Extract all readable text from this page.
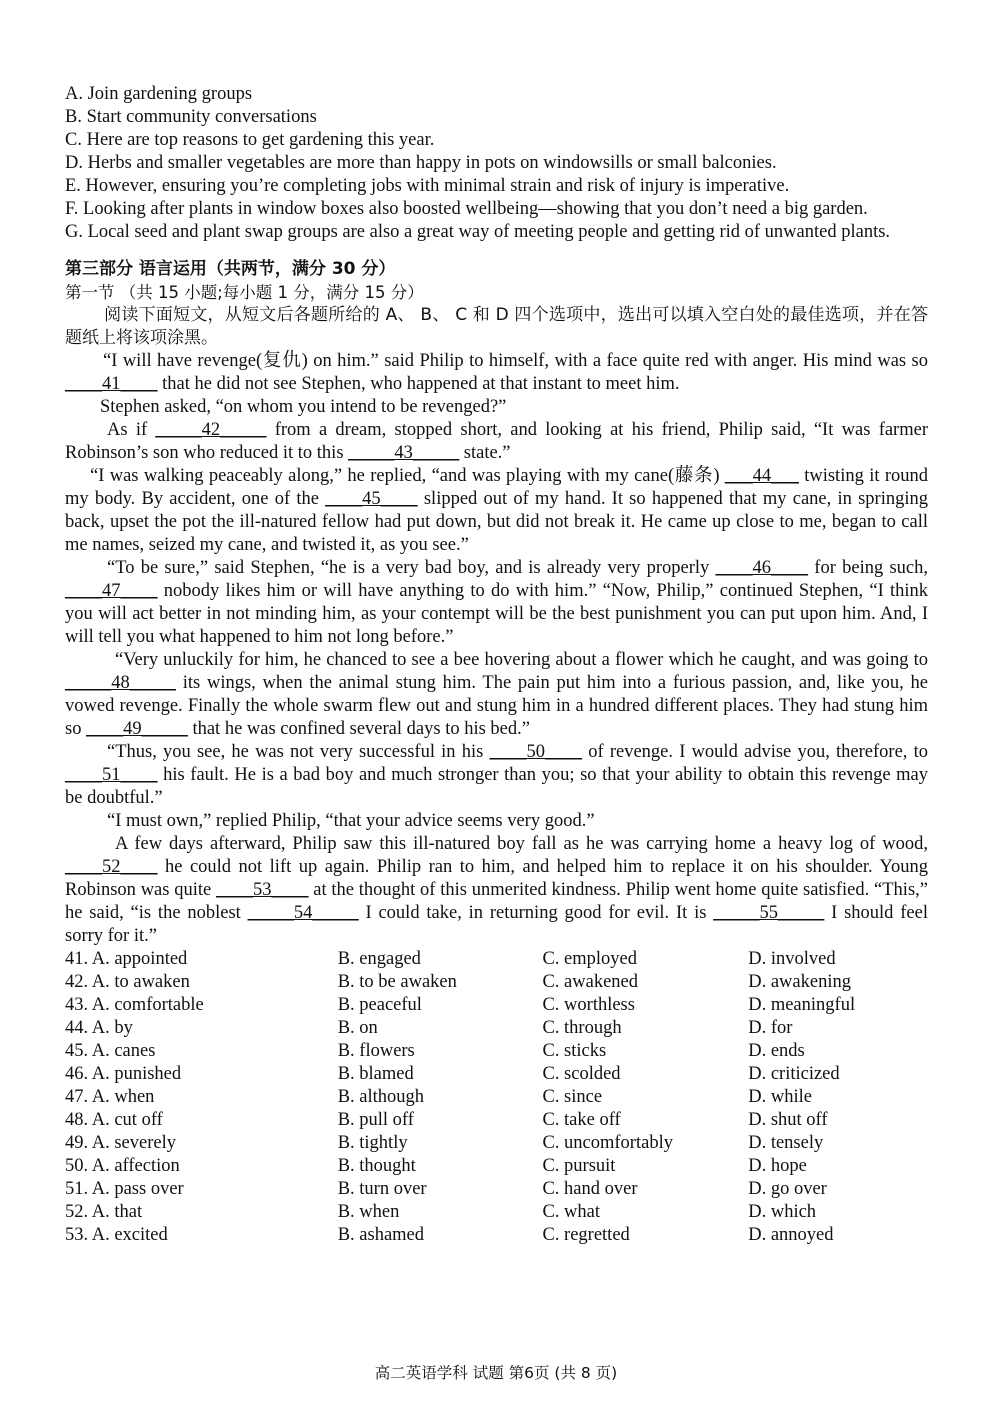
A. Join gardening groups
B. Start community conversations
C. Here are top reasons to get gardening this year.
D. Herbs and smaller vegetables are more than happy in pots on windowsills or small balconies.
E. However, ensuring you’re completing jobs with minimal strain and risk of injury is imperative.
F. Looking after plants in window boxes also boosted wellbeing—showing that you don’t need a big garden.
G. Local seed and plant swap groups are also a great way of meeting people and getting rid of unwanted plants.
第三部分 语言运用（共两节，满分 30 分）
第一节 （共 15 小题;每小题 1 分，满分 15 分）
阅读下面短文，从短文后各题所给的 A、 B、 C 和 D 四个选项中，选出可以填入空白处的最佳选项，并在答题纸上将该项涂黑。

“I will have revenge(复仇) on him.” said Philip to himself, with a face quite red with anger. His mind was so ____41____ that he did not see Stephen, who happened at that instant to meet him.

Stephen asked, “on whom you intend to be revenged?”

As if _____42_____ from a dream, stopped short, and looking at his friend, Philip said, “It was farmer Robinson’s son who reduced it to this _____43_____ state.”

“I was walking peaceably along,” he replied, “and was playing with my cane(藤条) ___44___ twisting it round my body. By accident, one of the ____45____ slipped out of my hand. It so happened that my cane, in springing back, upset the pot the ill-natured fellow had put down, but did not break it. He came up close to me, began to call me names, seized my cane, and twisted it, as you see.”

“To be sure,” said Stephen, “he is a very bad boy, and is already very properly ____46____ for being such, ____47____ nobody likes him or will have anything to do with him.” “Now, Philip,” continued Stephen, “I think you will act better in not minding him, as your contempt will be the best punishment you can put upon him. And, I will tell you what happened to him not long before.”

“Very unluckily for him, he chanced to see a bee hovering about a flower which he caught, and was going to _____48_____ its wings, when the animal stung him. The pain put him into a furious passion, and, like you, he vowed revenge. Finally the whole swarm flew out and stung him in a hundred different places. They had stung him so ____49_____ that he was confined several days to his bed.”

“Thus, you see, he was not very successful in his ____50____ of revenge. I would advise you, therefore, to ____51____ his fault. He is a bad boy and much stronger than you; so that your ability to obtain this revenge may be doubtful.”

“I must own,” replied Philip, “that your advice seems very good.”

A few days afterward, Philip saw this ill-natured boy fall as he was carrying home a heavy log of wood, ____52____ he could not lift up again. Philip ran to him, and helped him to replace it on his shoulder. Young Robinson was quite ____53____ at the thought of this unmerited kindness. Philip went home quite satisfied. “This,” he said, “is the noblest _____54_____ I could take, in returning good for evil. It is _____55_____ I should feel sorry for it.”

41. A. appointed	B. engaged	C. employed	D. involved
42. A. to awaken	B. to be awaken	C. awakened	D. awakening
43. A. comfortable	B. peaceful	C. worthless	D. meaningful
44. A. by	B. on	C. through	D. for
45. A. canes	B. flowers	C. sticks	D. ends
46. A. punished	B. blamed	C. scolded	D. criticized
47. A. when	B. although	C. since	D. while
48. A. cut off	B. pull off	C. take off	D. shut off
49. A. severely	B. tightly	C. uncomfortably	D. tensely
50. A. affection	B. thought	C. pursuit	D. hope
51. A. pass over	B. turn over	C. hand over	D. go over
52. A. that	B. when	C. what	D. which
53. A. excited	B. ashamed	C. regretted	D. annoyed
高二英语学科 试题 第6页 (共 8 页)
